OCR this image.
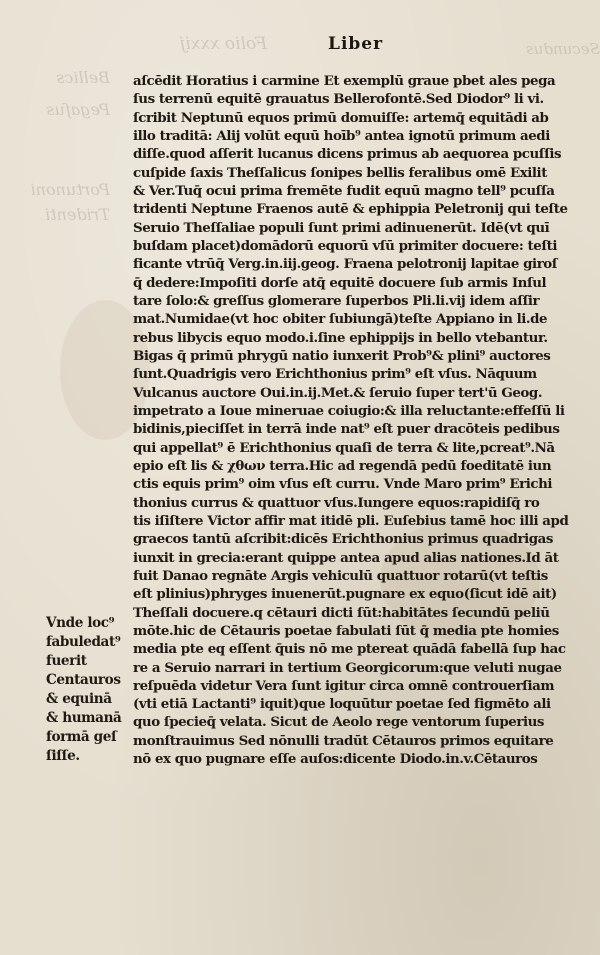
Folio xxxij
Bellics
Pegaſus
Portunoni
Tridenti
Secundus
Liber
aſcēdit Horatius i carmine Et exemplū graue pbet ales pega
ſus terrenū equitē grauatus Bellerofontē.Sed Diodor⁹ li vi.
ſcribit Neptunū equos primū domuiſſe: artemq̄ equitādi ab
illo traditā: Alij volūt equū hoīb⁹ antea ignotū primum aedi
diſſe.quod aſſerit lucanus dicens primus ab aequorea pcuſſis
cuſpide ſaxis Theſſalicus ſonipes bellis feralibus omē Exilit
& Ver.Tuq̄ ocui prima fremēte fudit equū magno tell⁹ pcuſſa
tridenti Neptune Fraenos autē & ephippia Peletronij qui teſte
Seruio Theſſaliae populi ſunt primi adinuenerūt. Idē(vt quī
buſdam placet)domādorū equorū vſū primiter docuere: teſti
ficante vtrūq̄ Verg.in.iij.geog. Fraena pelotronij lapitae giroſ
q̄ dedere:Impoſiti dorſe atq̄ equitē docuere ſub armis Inſul
tare ſolo:& greſſus glomerare ſuperbos Pli.li.vij idem aſſir
mat.Numidae(vt hoc obiter ſubiungā)teſte Appiano in li.de
rebus libycis equo modo.i.ſine ephippijs in bello vtebantur.
Bigas q̄ primū phrygū natio iunxerit Prob⁹& plini⁹ auctores
ſunt.Quadrigis vero Erichthonius prim⁹ eſt vſus. Nāquum
Vulcanus auctore Oui.in.ij.Met.& ſeruio ſuper tert'ū Geog.
impetrato a Ioue mineruae coiugio:& illa reluctante:effeſſū li
bidinis,pieciſſet in terrā inde nat⁹ eſt puer dracōteis pedibus
qui appellat⁹ ē Erichthonius quaſi de terra & lite,pcreat⁹.Nā
epio eſt lis & χθων terra.Hic ad regendā pedū foeditatē iun
ctis equis prim⁹ oim vſus eſt curru. Vnde Maro prim⁹ Erichi
thonius currus & quattuor vſus.Iungere equos:rapidiſq̄ ro
tis iſiſtere Victor affir mat itidē pli. Euſebius tamē hoc illi apd
graecos tantū aſcribit:dicēs Erichthonius primus quadrigas
iunxit in grecia:erant quippe antea apud alias nationes.Id āt
fuit Danao regnāte Argis vehiculū quattuor rotarū(vt teſtis
eſt plinius)phryges inuenerūt.pugnare ex equo(ſicut idē ait)
Theſſali docuere.q cētauri dicti ſūt:habitātes ſecundū peliū
mōte.hic de Cētauris poetae fabulati ſūt q̄ media pte homies
media pte eq eſſent q̄uis nō me ptereat quādā fabellā ſup hac
re a Seruio narrari in tertium Georgicorum:que veluti nugae
reſpuēda videtur Vera ſunt igitur circa omnē controuerſiam
(vti etiā Lactanti⁹ iquit)que loquūtur poetae ſed figmēto ali
quo ſpecieq̄ velata. Sicut de Aeolo rege ventorum ſuperius
monſtrauimus Sed nōnulli tradūt Cētauros primos equitare
nō ex quo pugnare eſſe auſos:dicente Diodo.in.v.Cētauros
Vnde loc⁹
fabuledat⁹
fuerit
Centauros
& equinā
& humanā
formā geſ
ſiſſe.
